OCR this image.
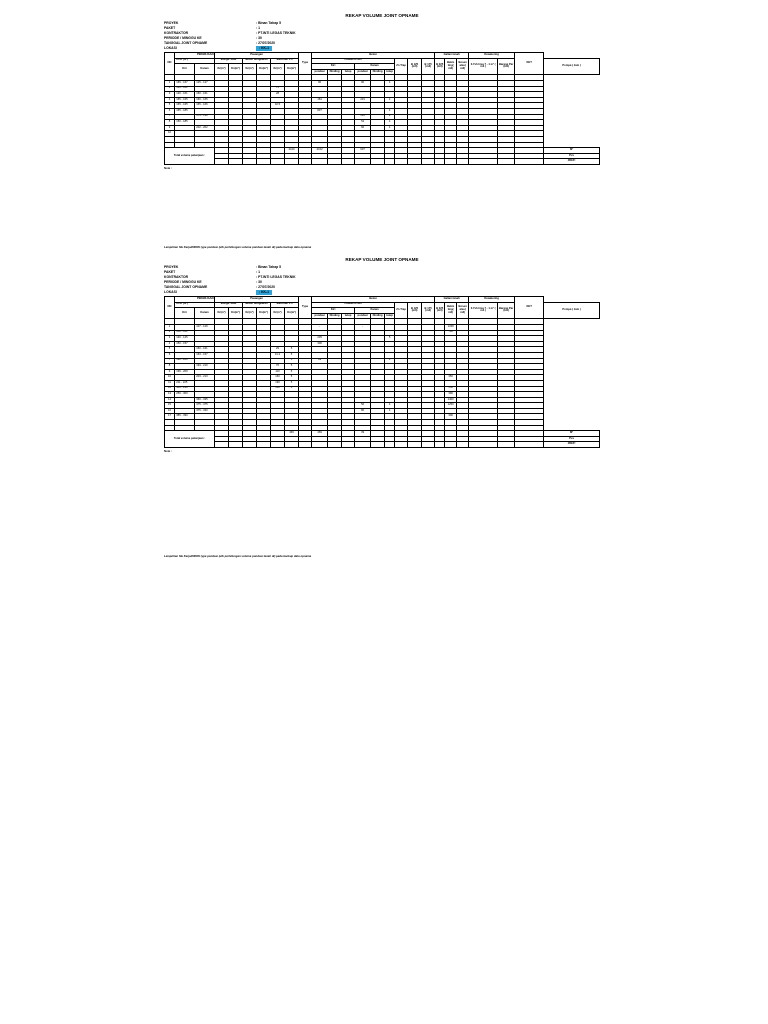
REKAP VOLUME JOINT OPNAME
PROYEK	: Binan Tahap 5
PAKET	: 1
KONTRAKTOR	: PT.INTI LEGAS TEKNIK
PERIODE / MINGGU KE	: 30
TANGGAL JOINT OPNAME	: 27/07/2020
LOKASI	: KK-1
NO	PEKERJAAN		Pasangan						Type	Beton									Galian tanah			Dewatering		KET	
	TITIK (m¹)		Bongk. batu		Beton bongkaran		Batu kali 1:4			LINING K-300						Zn Trap	B 125 (m3)	B 175 (m3)	B 225 (m3)	Bekis ting( m2)	Bosen atas( m3)	0.7xh hisa 7 - 1 m³ ( m3 )	Barang Par (kls)		Pompa ( Jam )
	Kiri	Kanan	Kr(m³)	Kn(m³)	Kr(m³)	Kn(m³)	Kr(m³)	Kn(m³)		Kiri			Kanan												
										pondasi	Dinding	tutup	pondasi	Dinding	tutup										

1	165 - 167	125 - 127								90			90		4										
2	130 - 161						75																		
3	130 - 161	160 - 161					28																		
4	165 - 165	160 - 165								181			231		4										
5	165 - 165	165 - 166					32.5																		
6	165 - 185									837					4										
7		173 - 198											510		4										
8	150 - 185												52		4										
9		202 - 202											60		4										
10																									

Total volume pekerjaan :								2410		2102			607												M³
																									Pcs
																									#REF!
Note :
Lampirkan file Kerja/DSWS type pondasi (utk perhitungan volume pondasi tanah di) pada backup data opname
REKAP VOLUME JOINT OPNAME
PROYEK	: Binan Tahap 5
PAKET	: 1
KONTRAKTOR	: PT.INTI LEGAS TEKNIK
PERIODE / MINGGU KE	: 30
TANGGAL JOINT OPNAME	: 27/07/2020
LOKASI	: KK-1
NO	PEKERJAAN		Pasangan						Type	Beton									Galian tanah			Dewatering		KET	
	TITIK (m¹)		Bongk. batu		Beton bongkaran		Batu kali 1:4			LINING K-300						Zn Trap	B 125 (m3)	B 175 (m3)	B 225 (m3)	Bekis ting( m2)	Bosen atas( m3)	0.7xh hisa 7 - 1 m³ ( m3 )	Barang Par (kls)		Pompa ( Jam )
	Kiri	Kanan	Kr(m³)	Kn(m³)	Kr(m³)	Kn(m³)	Kr(m³)	Kn(m³)		Kiri			Kanan												
										pondasi	Dinding	tutup	pondasi	Dinding	tutup										

1		107 - 129								-			-							1338					
2	150 - 161																			700					
3	130 - 145									235					5										
4	150 - 157									300															
5		160 - 161					29	5																	
6		163 - 157					31.2	5																	
7	198 - 200							5		89					4										
8		193 - 210					76	5																	
9	196 - 209						110	5																	
10		203 - 213					160	5												350					
11	211 - 225						190	5																	
12	186 - 230						130	5												550					
13	250 - 300																			390					
14		360 - 335																		1400					
15		375 - 375											50		4					1250					
16		375 - 330											80		4										
17	385 - 390																			300					

Total volume pekerjaan :								469		469			39												M³
																									Pcs
																									#REF!
Note :
Lampirkan file Kerja/DSWS type pondasi (utk perhitungan volume pondasi tanah di) pada backup data opname
